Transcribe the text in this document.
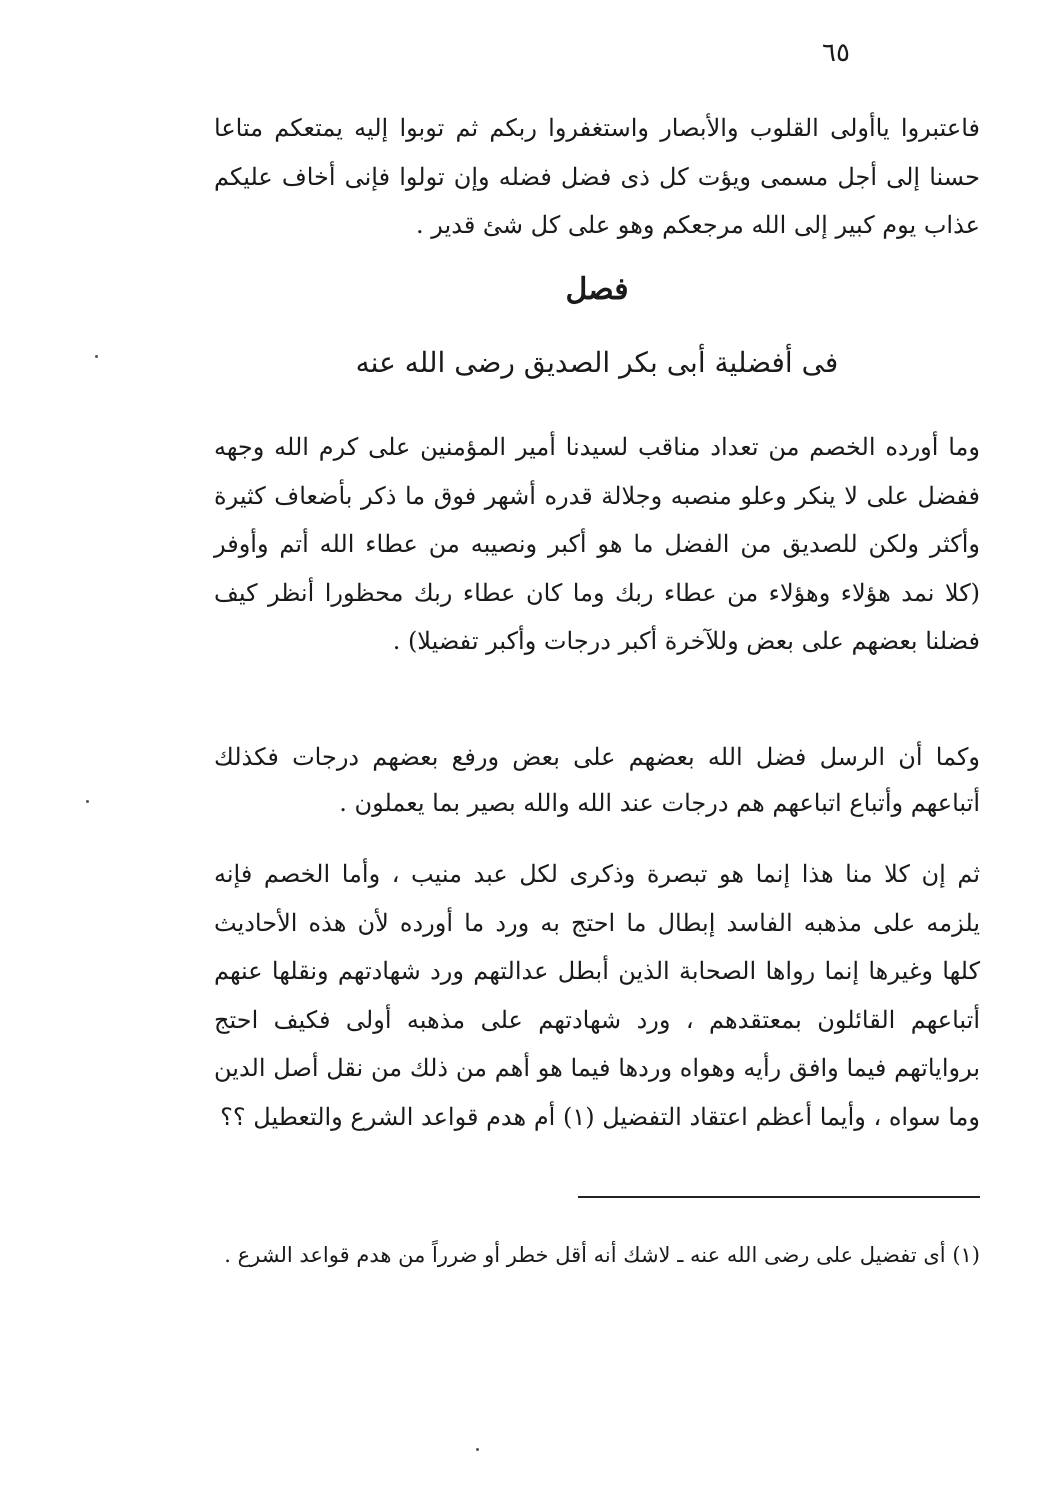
٦٥

فاعتبروا ياأولى القلوب والأبصار واستغفروا ربكم ثم توبوا إليه يمتعكم متاعا حسنا إلى أجل مسمى ويؤت كل ذى فضل فضله وإن تولوا فإنى أخاف عليكم عذاب يوم كبير إلى الله مرجعكم وهو على كل شئ قدير .

فصل
فى أفضلية أبى بكر الصديق رضى الله عنه

وما أورده الخصم من تعداد مناقب لسيدنا أمير المؤمنين على كرم الله وجهه ففضل على لا ينكر وعلو منصبه وجلالة قدره أشهر فوق ما ذكر بأضعاف كثيرة وأكثر ولكن للصديق من الفضل ما هو أكبر ونصيبه من عطاء الله أتم وأوفر (كلا نمد هؤلاء وهؤلاء من عطاء ربك وما كان عطاء ربك محظورا أنظر كيف فضلنا بعضهم على بعض وللآخرة أكبر درجات وأكبر تفضيلا) .

وكما أن الرسل فضل الله بعضهم على بعض ورفع بعضهم درجات فكذلك أتباعهم وأتباع اتباعهم هم درجات عند الله والله بصير بما يعملون .

ثم إن كلا منا هذا إنما هو تبصرة وذكرى لكل عبد منيب ، وأما الخصم فإنه يلزمه على مذهبه الفاسد إبطال ما احتج به ورد ما أورده لأن هذه الأحاديث كلها وغيرها إنما رواها الصحابة الذين أبطل عدالتهم ورد شهادتهم ونقلها عنهم أتباعهم القائلون بمعتقدهم ، ورد شهادتهم على مذهبه أولى فكيف احتج برواياتهم فيما وافق رأيه وهواه وردها فيما هو أهم من ذلك من نقل أصل الدين وما سواه ، وأيما أعظم اعتقاد التفضيل (١) أم هدم قواعد الشرع والتعطيل ؟؟

(١) أى تفضيل على رضى الله عنه ـ لاشك أنه أقل خطر أو ضرراً من هدم قواعد الشرع .
